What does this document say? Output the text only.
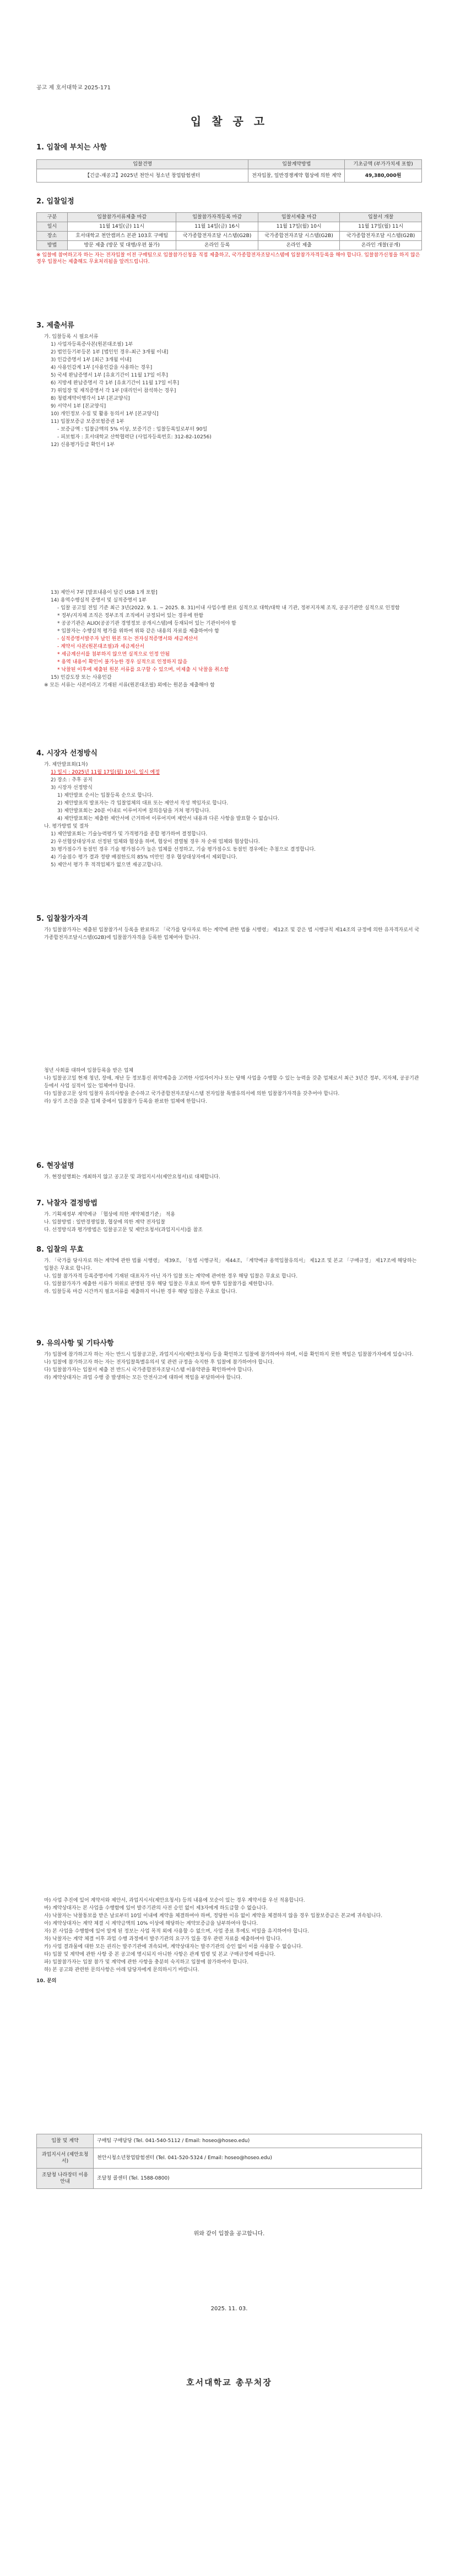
공고 제 호서대학교 2025-171
입 찰 공 고
1. 입찰에 부치는 사항
입찰건명	입찰계약방법	기초금액 (부가가치세 포함)
【긴급-재공고】2025년 천안시 청소년 창업탐험센터	전자입찰, 일반경쟁계약 협상에 의한 계약	49,380,000원
2. 입찰일정
구분	입찰참가서류제출 마감	입찰참가자격등록 마감	입찰서제출 마감	입찰서 개찰
일시	11월 14일(금) 11시	11월 14일(금) 16시	11월 17일(월) 10시	11월 17일(월) 11시
장소	호서대학교 천안캠퍼스 본관 103호 구매팀	국가종합전자조달 시스템(G2B)	국가종합전자조달 시스템(G2B)	국가종합전자조달 시스템(G2B)
방법	방문 제출 (방문 및 대행/우편 불가)	온라인 등록	온라인 제출	온라인 개찰(공개)
※ 입찰에 참여하고자 하는 자는 전자입찰 이전 구매팀으로 입찰참가신청을 직접 제출하고, 국가종합전자조달시스템에 입찰참가자격등록을 해야 합니다. 입찰참가신청을 하지 않은 경우 입찰서는 제출해도 무효처리됨을 알려드립니다.
3. 제출서류

가. 입찰등록 시 필요서류

1) 사업자등록증사본(원본대조필) 1부

2) 법인등기부등본 1부 [법인인 경우-최근 3개월 이내]

3) 인감증명서 1부 [최근 3개월 이내]

4) 사용인감계 1부 [사용인감을 사용하는 경우]

5) 국세 완납증명서 1부 [유효기간이 11월 17일 이후]

6) 지방세 완납증명서 각 1부 [유효기간이 11월 17일 이후]

7) 위임장 및 재직증명서 각 1부 [대리인이 참석하는 경우]

8) 청렴계약이행각서 1부 [본교양식]

9) 서약서 1부 [본교양식]

10) 개인정보 수집 및 활용 동의서 1부 [본교양식]

11) 입찰보증금 보증보험증권 1부

- 보증금액 : 입찰금액의 5% 이상, 보증기간 : 입찰등록일로부터 90일

- 피보험자 : 호서대학교 산학협력단 (사업자등록번호: 312-82-10256)

12) 신용평가등급 확인서 1부

13) 제안서 7부 [발표내용이 담긴 USB 1개 포함]

14) 용역수행실적 증명서 및 실적증명서 1부

- 입찰 공고일 전일 기준 최근 3년(2022. 9. 1. ~ 2025. 8. 31)이내 사업수행 완료 실적으로 대학/대학 내 기관, 정부지자체 조직, 공공기관만 실적으로 인정함

* 정부/지자체 조직은 정부조직 조직에서 규정되어 있는 경우에 한함

* 공공기관은 ALIO(공공기관 경영정보 공개시스템)에 등재되어 있는 기관이어야 함

* 입찰자는 수행실적 평가를 위하여 위와 같은 내용의 자료를 제출하여야 함

- 실적증명서발주자 날인 원본 또는 전자실적증명서와 세금계산서

- 계약서 사본(원본대조필)과 세금계산서

* 세금계산서를 첨부하지 않으면 실적으로 인정 안됨

* 용역 내용이 확인이 불가능한 경우 실적으로 인정하지 않음

* 낙찰된 이후에 제출된 원본 서류를 요구할 수 있으며, 미제출 시 낙찰을 취소함

15) 인감도장 또는 사용인감

※ 모든 서류는 사본이라고 기재된 서류(원본대조필) 외에는 원본을 제출해야 함

4. 시장자 선정방식

가. 제안발표회(1차)

1) 일시 : 2025년 11월 17일(월) 10시, 일시 예정

2) 장소 : 추후 공지

3) 시장자 선정방식

1) 제안발표 순서는 입찰등록 순으로 합니다.

2) 제안발표의 발표자는 각 입찰업체의 대표 또는 제안서 작성 책임자로 합니다.

3) 제안발표회는 20분 이내로 이루어지며 질의응답을 거쳐 평가합니다.

4) 제안발표회는 제출한 제안서에 근거하여 이루어지며 제안서 내용과 다른 사항을 발표할 수 없습니다.

나. 평가방법 및 절차

1) 제안발표회는 기술능력평가 및 가격평가를 종합 평가하여 결정합니다.

2) 우선협상대상자로 선정된 업체와 협상을 하며, 협상이 결렬될 경우 차 순위 업체와 협상합니다.

3) 평가점수가 동점인 경우 기술 평가점수가 높은 업체를 선정하고, 기술 평가점수도 동점인 경우에는 추첨으로 결정합니다.

4) 기술점수 평가 결과 정량 배점한도의 85% 미만인 경우 협상대상자에서 제외합니다.

5) 제안서 평가 후 적격업체가 없으면 재공고합니다.

5. 입찰참가자격

가) 입찰참가자는 제출된 입찰참가서 등록을 완료하고 「국가를 당사자로 하는 계약에 관한 법률 시행령」 제12조 및 같은 법 시행규칙 제14조의 규정에 의한 유자격자로서 국가종합전자조달시스템(G2B)에 입찰참가자격을 등록한 업체여야 합니다.

청년 사회를 대하여 입찰등록을 받은 업체

나) 입찰공고일 현재 청년, 장애, 재난 등 정보통신 취약계층을 고려한 사업자이거나 또는 당해 사업을 수행할 수 있는 능력을 갖춘 업체로서 최근 3년간 정부, 지자체, 공공기관 등에서 사업 실적이 있는 업체여야 합니다.

다) 입찰공고문 상의 입찰자 유의사항을 준수하고 국가종합전자조달시스템 전자입찰 특별유의서에 의한 입찰참가자격을 갖추어야 합니다.

라) 상기 조건을 갖춘 업체 중에서 입찰참가 등록을 완료한 업체에 한합니다.

6. 현장설명

가. 현장설명회는 개최하지 않고 공고문 및 과업지시서(제안요청서)로 대체합니다.

7. 낙찰자 결정방법

가. 기획재정부 계약예규 「협상에 의한 계약체결기준」 적용

나. 입찰방법 : 일반경쟁입찰, 협상에 의한 계약 전자입찰

다. 선정방식과 평가방법은 입찰공고문 및 제안요청서(과업지시서)를 참조

8. 입찰의 무효

가. 「국가를 당사자로 하는 계약에 관한 법률 시행령」 제39조, 「동법 시행규칙」 제44조, 「계약예규 용역입찰유의서」 제12조 및 본교 「구매규정」 제17조에 해당하는 입찰은 무효로 합니다.

나. 입찰 참가자격 등록증명서에 기재된 대표자가 아닌 자가 입찰 또는 계약에 관여한 경우 해당 입찰은 무효로 합니다.

다. 입찰참가자가 제출한 서류가 허위로 판명된 경우 해당 입찰은 무효로 하며 향후 입찰참가를 제한합니다.

라. 입찰등록 마감 시간까지 필요서류를 제출하지 아니한 경우 해당 입찰은 무효로 합니다.

9. 유의사항 및 기타사항

가) 입찰에 참가하고자 하는 자는 반드시 입찰공고문, 과업지시서(제안요청서) 등을 확인하고 입찰에 참가하여야 하며, 이를 확인하지 못한 책임은 입찰참가자에게 있습니다.

나) 입찰에 참가하고자 하는 자는 전자입찰특별유의서 및 관련 규정을 숙지한 후 입찰에 참가하여야 합니다.

다) 입찰참가자는 입찰서 제출 전 반드시 국가종합전자조달시스템 이용약관을 확인하여야 합니다.

라) 계약상대자는 과업 수행 중 발생하는 모든 안전사고에 대하여 책임을 부담하여야 합니다.

마) 사업 추진에 있어 계약서와 제안서, 과업지시서(제안요청서) 등의 내용에 모순이 있는 경우 계약서를 우선 적용합니다.

바) 계약상대자는 본 사업을 수행함에 있어 발주기관의 사전 승인 없이 제3자에게 하도급할 수 없습니다.

사) 낙찰자는 낙찰통보를 받은 날로부터 10일 이내에 계약을 체결하여야 하며, 정당한 이유 없이 계약을 체결하지 않을 경우 입찰보증금은 본교에 귀속됩니다.

아) 계약상대자는 계약 체결 시 계약금액의 10% 이상에 해당하는 계약보증금을 납부하여야 합니다.

자) 본 사업을 수행함에 있어 알게 된 정보는 사업 목적 외에 사용할 수 없으며, 사업 종료 후에도 비밀을 유지하여야 합니다.

차) 낙찰자는 계약 체결 이후 과업 수행 과정에서 발주기관의 요구가 있을 경우 관련 자료를 제출하여야 합니다.

카) 사업 결과물에 대한 모든 권리는 발주기관에 귀속되며, 계약상대자는 발주기관의 승인 없이 이를 사용할 수 없습니다.

타) 입찰 및 계약에 관한 사항 중 본 공고에 명시되지 아니한 사항은 관계 법령 및 본교 구매규정에 따릅니다.

파) 입찰참가자는 입찰 참가 및 계약에 관한 사항을 충분히 숙지하고 입찰에 참가하여야 합니다.

하) 본 공고와 관련한 문의사항은 아래 담당자에게 문의하시기 바랍니다.

10. 문의

입찰 및 계약	구매팀 구매담당 (Tel. 041-540-5112 / Email: hoseo@hoseo.edu)
과업지시서 (제안요청서)	천안시청소년창업탐험센터 (Tel. 041-520-5324 / Email: hoseo@hoseo.edu)
조달청 나라장터 이용안내	조달청 콜센터 (Tel. 1588-0800)
위와 같이 입찰을 공고합니다.
2025. 11. 03.
호서대학교 총무처장
